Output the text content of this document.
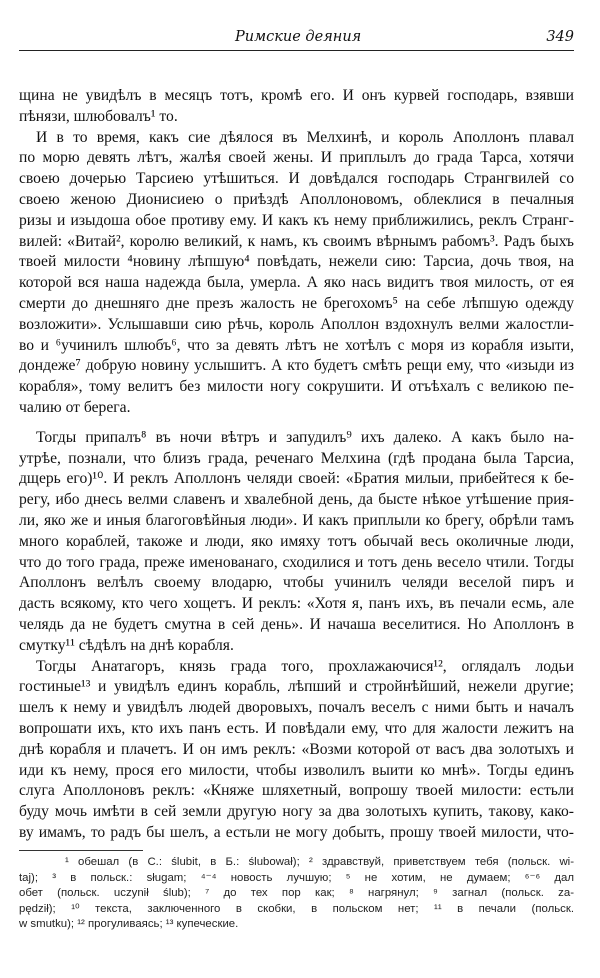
Римские деяния	349
щина не увидѣлъ в месяцъ тотъ, кромѣ его. И онъ курвей господарь, взявши
пѣнязи, шлюбовалъ¹ то.
И в то время, какъ сие дѣялося въ Мелхинѣ, и король Аполлонъ плавал
по морю девять лѣтъ, жалѣя своей жены. И приплылъ до града Тарса, хотячи
своею дочерью Тарсиею утѣшиться. И довѣдался господарь Странгвилей со
своею женою Дионисиею о приѣздѣ Аполлоновомъ, облеклися в печалныя
ризы и изыдоша обое противу ему. И какъ къ нему приближились, реклъ Странг-
вилей: «Витай², королю великий, к намъ, къ своимъ вѣрнымъ рабомъ³. Радъ быхъ
твоей милости ⁴новину лѣпшую⁴ повѣдать, нежели сию: Тарсиа, дочь твоя, на
которой вся наша надежда была, умерла. А яко нась видитъ твоя милость, от ея
смерти до днешняго дне презъ жалость не брегохомъ⁵ на себе лѣпшую одежду
возложити». Услышавши сию рѣчь, король Аполлон вздохнулъ велми жалостли-
во и ⁶учинилъ шлюбъ⁶, что за девять лѣтъ не хотѣлъ с моря из корабля изыти,
дондеже⁷ добрую новину услышитъ. А кто будетъ смѣть рещи ему, что «изыди из
корабля», тому велитъ без милости ногу сокрушити. И отъѣхалъ с великою пе-
чалию от берега.
Тогды припалъ⁸ въ ночи вѣтръ и запудилъ⁹ ихъ далеко. А какъ было на-
утрѣе, познали, что близъ града, реченаго Мелхина (гдѣ продана была Тарсиа,
дщерь его)¹⁰. И реклъ Аполлонъ челяди своей: «Братия милыи, прибейтеся к бе-
регу, ибо днесь велми славенъ и хвалебной день, да бысте нѣкое утѣшение прия-
ли, яко же и иныя благоговѣйныя люди». И какъ приплыли ко брегу, обрѣли тамъ
много кораблей, такоже и люди, яко имяху тотъ обычай весь околичные люди,
что до того града, преже именованаго, сходилися и тотъ день весело чтили. Тогды
Аполлонъ велѣлъ своему влодарю, чтобы учинилъ челяди веселой пиръ и
дасть всякому, кто чего хощетъ. И реклъ: «Хотя я, панъ ихъ, въ печали есмь, але
челядь да не будетъ смутна в сей день». И начаша веселитися. Но Аполлонъ в
смутку¹¹ сѣдѣлъ на днѣ корабля.
Тогды Анатагоръ, князь града того, прохлажаючися¹², оглядалъ лодьи
гостиные¹³ и увидѣлъ единъ корабль, лѣпший и стройнѣйший, нежели другие;
шелъ к нему и увидѣлъ людей дворовыхъ, почалъ веселъ с ними быть и началъ
вопрошати ихъ, кто ихъ панъ есть. И повѣдали ему, что для жалости лежитъ на
днѣ корабля и плачетъ. И он имъ реклъ: «Возми которой от васъ два золотыхъ и
иди къ нему, прося его милости, чтобы изволилъ выити ко мнѣ». Тогды единъ
слуга Аполлоновъ реклъ: «Княже шляхетный, вопрошу твоей милости: естьли
буду мочь имѣти в сей земли другую ногу за два золотыхъ купить, такову, како-
ву имамъ, то радъ бы шелъ, а естьли не могу добыть, прошу твоей милости, что-
¹ обешал (в С.: ślubit, в Б.: ślubował); ² здравствуй, приветствуем тебя (польск. wi-
taj); ³ в польск.: sługam; ⁴⁻⁴ новость лучшую; ⁵ не хотим, не думаем; ⁶⁻⁶ дал
обет (польск. uczynił ślub); ⁷ до тех пор как; ⁸ нагрянул; ⁹ загнал (польск. za-
pędził); ¹⁰ текста, заключенного в скобки, в польском нет; ¹¹ в печали (польск.
w smutku); ¹² прогуливаясь; ¹³ купеческие.
